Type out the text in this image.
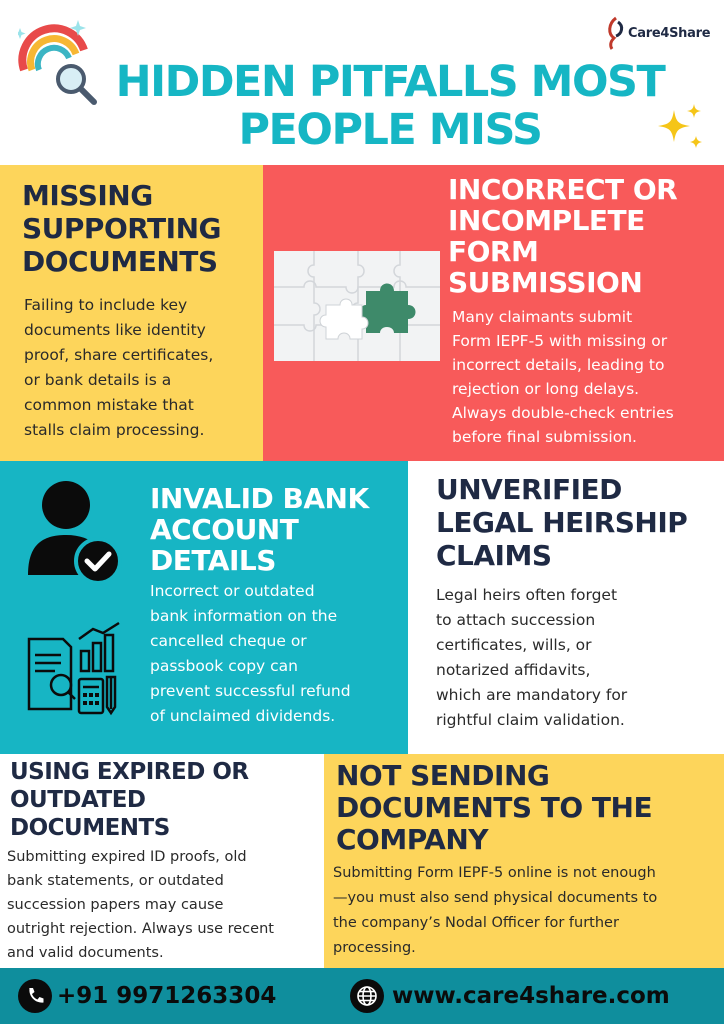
Care4Share
HIDDEN PITFALLS MOST
PEOPLE MISS
MISSING
SUPPORTING
DOCUMENTS
Failing to include key
documents like identity
proof, share certificates,
or bank details is a
common mistake that
stalls claim processing.
INCORRECT OR
INCOMPLETE
FORM
SUBMISSION
Many claimants submit
Form IEPF-5 with missing or
incorrect details, leading to
rejection or long delays.
Always double-check entries
before final submission.
INVALID BANK
ACCOUNT
DETAILS
Incorrect or outdated
bank information on the
cancelled cheque or
passbook copy can
prevent successful refund
of unclaimed dividends.
UNVERIFIED
LEGAL HEIRSHIP
CLAIMS
Legal heirs often forget
to attach succession
certificates, wills, or
notarized affidavits,
which are mandatory for
rightful claim validation.
USING EXPIRED OR
OUTDATED
DOCUMENTS
Submitting expired ID proofs, old
bank statements, or outdated
succession papers may cause
outright rejection. Always use recent
and valid documents.
NOT SENDING
DOCUMENTS TO THE
COMPANY
Submitting Form IEPF-5 online is not enough
—you must also send physical documents to
the company’s Nodal Officer for further
processing.
+91 9971263304	www.care4share.com
